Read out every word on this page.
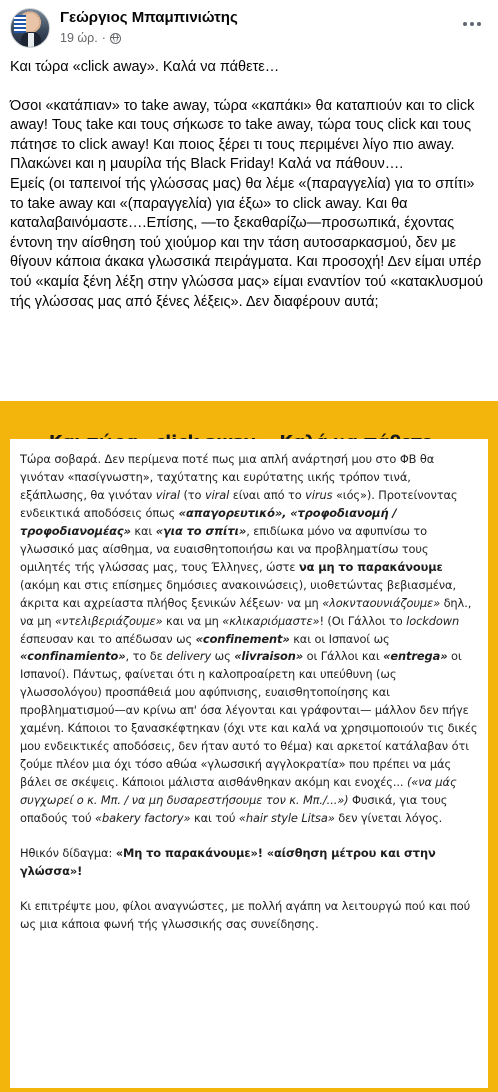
Γεώργιος Μπαμπινιώτης
19 ώρ. ·

Και τώρα «click away». Καλά να πάθετε…

Όσοι «κατάπιαν» το take away, τώρα «καπάκι» θα καταπιούν και το click away! Τους take και τους σήκωσε το take away, τώρα τους click και τους πάτησε το click away! Και ποιος ξέρει τι τους περιμένει λίγο πιο away. Πλακώνει και η μαυρίλα τής Black Friday! Καλά να πάθουν….

Εμείς (οι ταπεινοί τής γλώσσας μας) θα λέμε «(παραγγελία) για το σπίτι» το take away και «(παραγγελία) για έξω» το click away. Και θα καταλαβαινόμαστε….Επίσης, —το ξεκαθαρίζω—προσωπικά, έχοντας έντονη την αίσθηση τού χιούμορ και την τάση αυτοσαρκασμού, δεν με θίγουν κάποια άκακα γλωσσικά πειράγματα. Και προσοχή! Δεν είμαι υπέρ τού «καμία ξένη λέξη στην γλώσσα μας» είμαι εναντίον τού «κατακλυσμού τής γλώσσας μας από ξένες λέξεις». Δεν διαφέρουν αυτά;

Τώρα σοβαρά. Δεν περίμενα ποτέ πως μια απλή ανάρτησή μου στο ΦΒ θα γινόταν «πασίγνωστη», ταχύτατης και ευρύτατης ιικής τρόπον τινά, εξάπλωσης, θα γινόταν viral (το viral είναι από το virus «ιός»). Προτείνοντας ενδεικτικά αποδόσεις όπως «απαγορευτικό», «τροφοδιανομή / τροφοδιανομέας» και «για το σπίτι», επιδίωκα μόνο να αφυπνίσω το γλωσσικό μας αίσθημα, να ευαισθητοποιήσω και να προβληματίσω τους ομιλητές τής γλώσσας μας, τους Έλληνες, ώστε να μη το παρακάνουμε (ακόμη και στις επίσημες δημόσιες ανακοινώσεις), υιοθετώντας βεβιασμένα, άκριτα και αχρείαστα πλήθος ξενικών λέξεων· να μη «λοκνταουνιάζουμε» δηλ., να μη «ντελιβεριάζουμε» και να μη «κλικαριόμαστε»! (Οι Γάλλοι το lockdown έσπευσαν και το απέδωσαν ως «confinement» και οι Ισπανοί ως «confinamiento», το δε delivery ως «livraison» οι Γάλλοι και «entrega» οι Ισπανοί). Πάντως, φαίνεται ότι η καλοπροαίρετη και υπεύθυνη (ως γλωσσολόγου) προσπάθειά μου αφύπνισης, ευαισθητοποίησης και προβληματισμού—αν κρίνω απ' όσα λέγονται και γράφονται— μάλλον δεν πήγε χαμένη. Κάποιοι το ξανασκέφτηκαν (όχι ντε και καλά να χρησιμοποιούν τις δικές μου ενδεικτικές αποδόσεις, δεν ήταν αυτό το θέμα) και αρκετοί κατάλαβαν ότι ζούμε πλέον μια όχι τόσο αθώα «γλωσσική αγγλοκρατία» που πρέπει να μάς βάλει σε σκέψεις. Κάποιοι μάλιστα αισθάνθηκαν ακόμη και ενοχές... («να μάς συγχωρεί ο κ. Μπ. / να μη δυσαρεστήσουμε τον κ. Μπ./...») Φυσικά, για τους οπαδούς τού «bakery factory» και τού «hair style Litsa» δεν γίνεται λόγος.

Ηθικόν δίδαγμα: «Μη το παρακάνουμε»! «αίσθηση μέτρου και στην γλώσσα»!

Κι επιτρέψτε μου, φίλοι αναγνώστες, με πολλή αγάπη να λειτουργώ πού και πού ως μια κάποια φωνή τής γλωσσικής σας συνείδησης.
